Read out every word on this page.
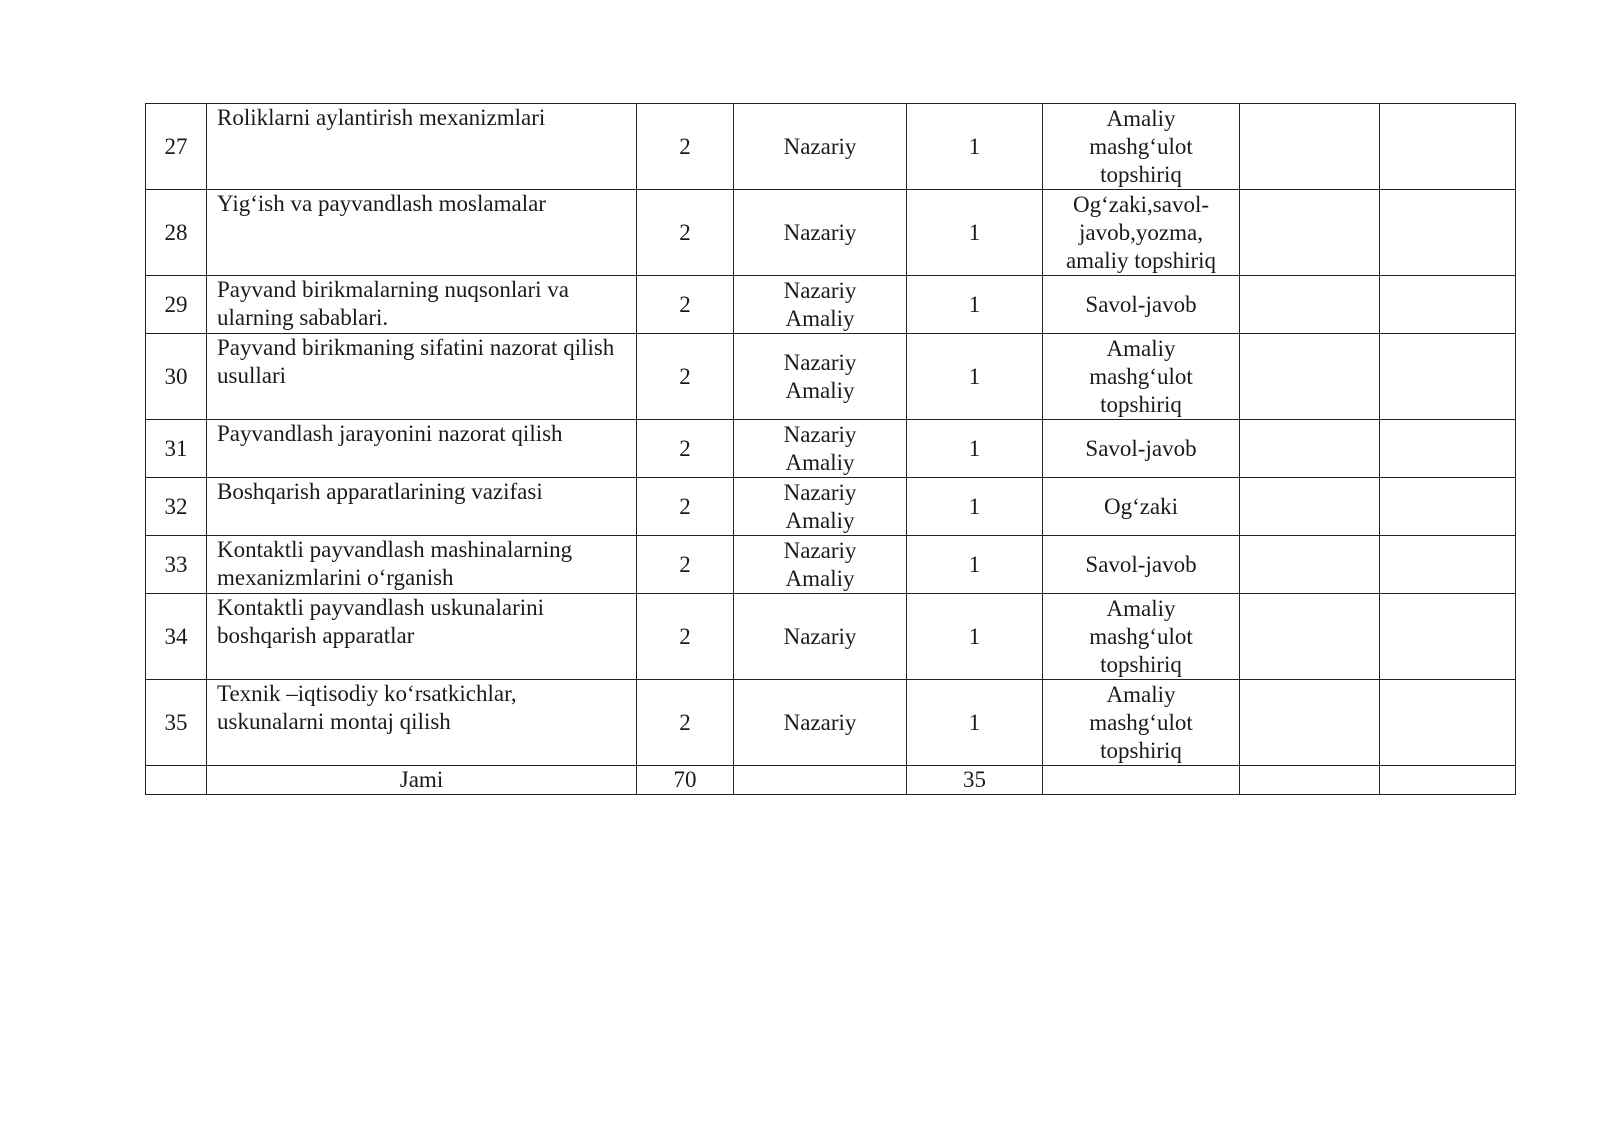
27	Roliklarni aylantirish mexanizmlari	2	Nazariy	1	Amaliy
mashg‘ulot
topshiriq		

28	Yig‘ish va payvandlash moslamalar	2	Nazariy	1	Og‘zaki,savol-
javob,yozma,
amaliy topshiriq		

29	Payvand birikmalarning nuqsonlari va ularning sabablari.	2	Nazariy
Amaliy	1	Savol-javob		

30	Payvand birikmaning sifatini nazorat qilish usullari	2	Nazariy
Amaliy	1	Amaliy
mashg‘ulot
topshiriq		

31	Payvandlash jarayonini nazorat qilish	2	Nazariy
Amaliy	1	Savol-javob		

32	Boshqarish apparatlarining vazifasi	2	Nazariy
Amaliy	1	Og‘zaki		

33	Kontaktli payvandlash mashinalarning mexanizmlarini o‘rganish	2	Nazariy
Amaliy	1	Savol-javob		

34	Kontaktli payvandlash uskunalarini boshqarish apparatlar	2	Nazariy	1	Amaliy
mashg‘ulot
topshiriq		

35	Texnik –iqtisodiy ko‘rsatkichlar, uskunalarni montaj qilish	2	Nazariy	1	Amaliy
mashg‘ulot
topshiriq		

	Jami	70		35			
